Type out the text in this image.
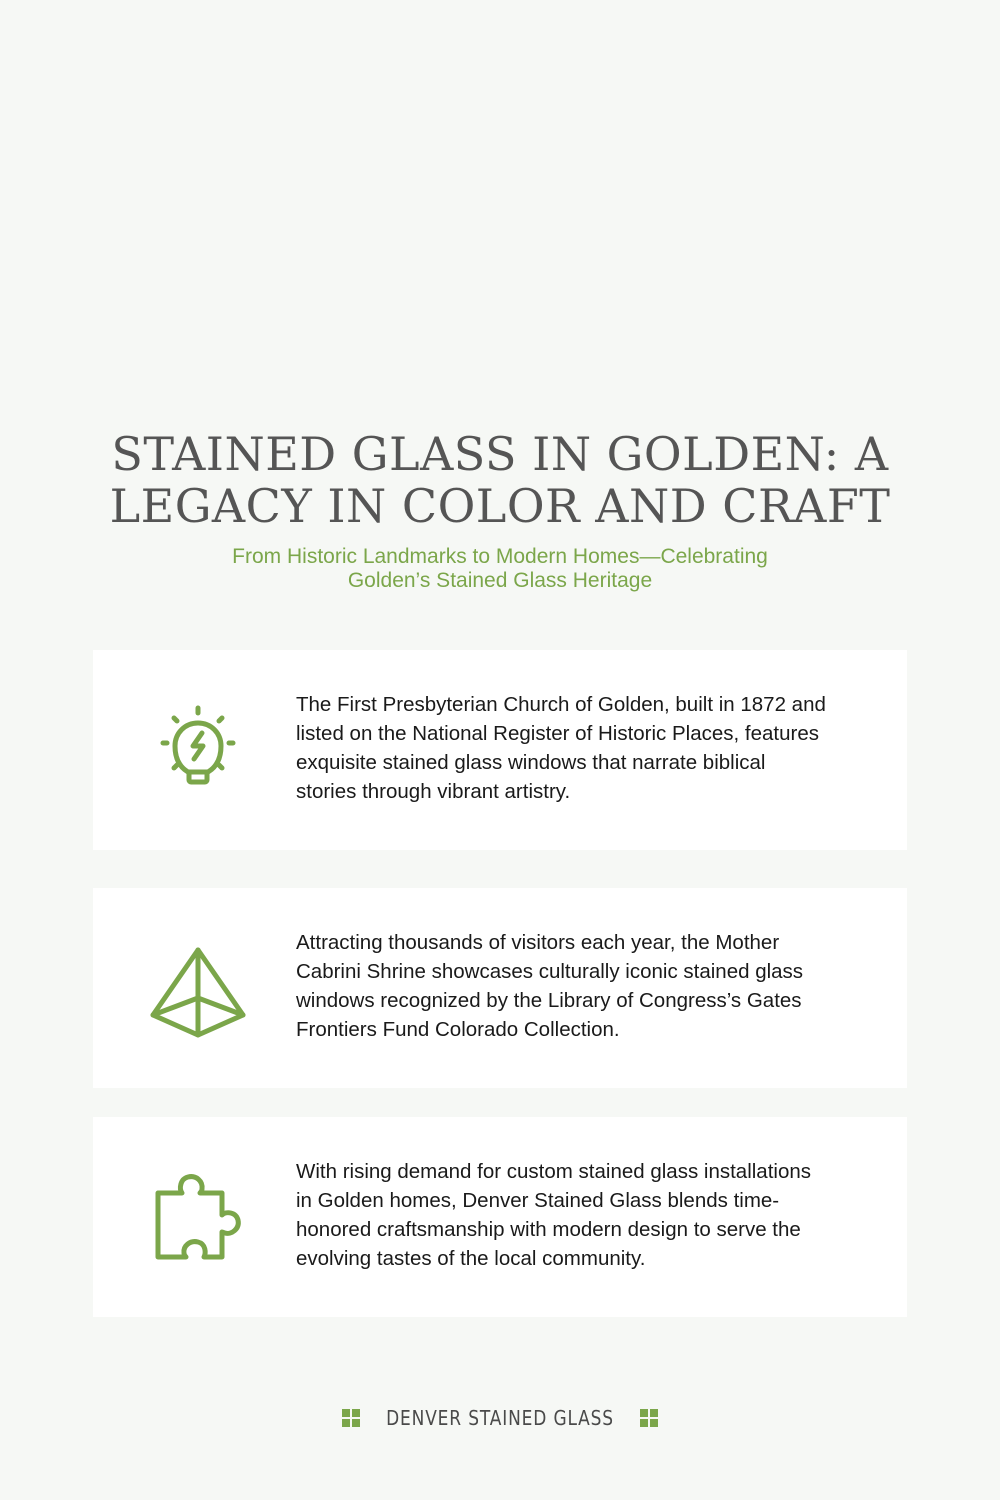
STAINED GLASS IN GOLDEN: A
LEGACY IN COLOR AND CRAFT
From Historic Landmarks to Modern Homes—Celebrating
Golden’s Stained Glass Heritage
The First Presbyterian Church of Golden, built in 1872 and listed on the National Register of Historic Places, features exquisite stained glass windows that narrate biblical stories through vibrant artistry.
Attracting thousands of visitors each year, the Mother Cabrini Shrine showcases culturally iconic stained glass windows recognized by the Library of Congress’s Gates Frontiers Fund Colorado Collection.
With rising demand for custom stained glass installations in Golden homes, Denver Stained Glass blends time-honored craftsmanship with modern design to serve the evolving tastes of the local community.
DENVER STAINED GLASS
